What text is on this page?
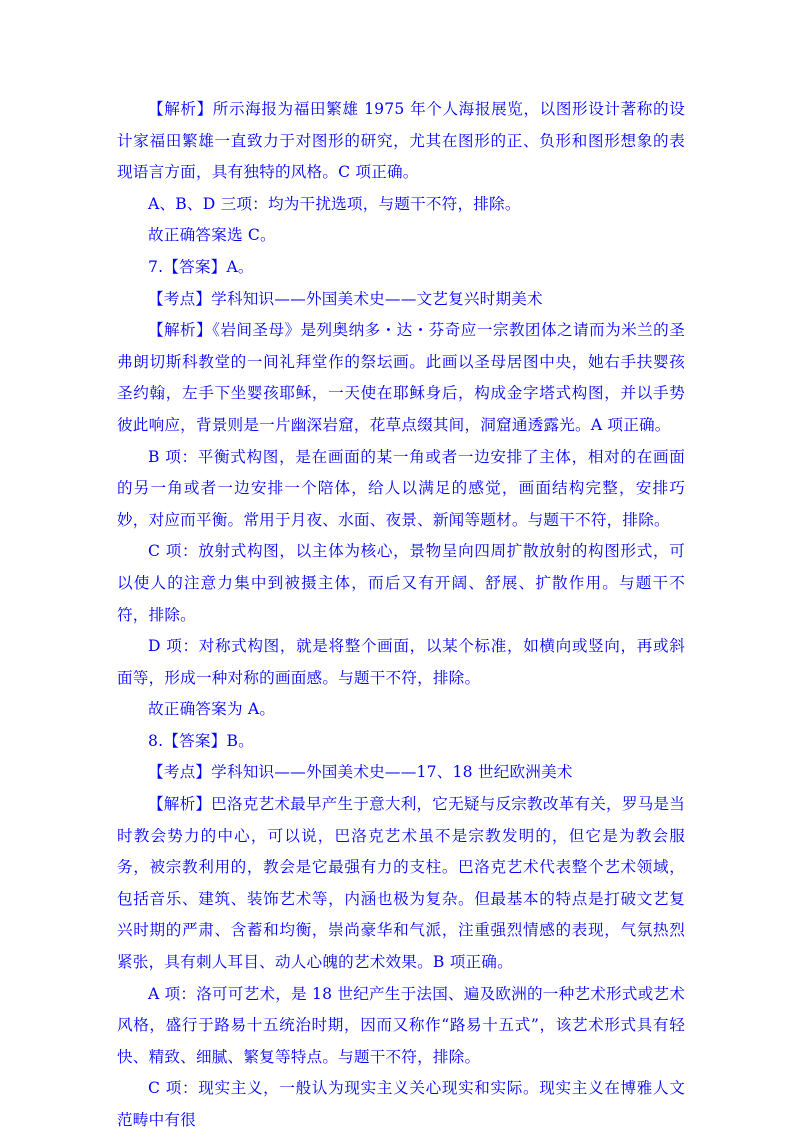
【解析】所示海报为福田繁雄 1975 年个人海报展览，以图形设计著称的设计家福田繁雄一直致力于对图形的研究，尤其在图形的正、负形和图形想象的表现语言方面，具有独特的风格。C 项正确。

A、B、D 三项：均为干扰选项，与题干不符，排除。

故正确答案选 C。

7.【答案】A。

【考点】学科知识——外国美术史——文艺复兴时期美术

【解析】《岩间圣母》是列奥纳多・达・芬奇应一宗教团体之请而为米兰的圣弗朗切斯科教堂的一间礼拜堂作的祭坛画。此画以圣母居图中央，她右手扶婴孩圣约翰，左手下坐婴孩耶稣，一天使在耶稣身后，构成金字塔式构图，并以手势彼此响应，背景则是一片幽深岩窟，花草点缀其间，洞窟通透露光。A 项正确。

B 项：平衡式构图，是在画面的某一角或者一边安排了主体，相对的在画面的另一角或者一边安排一个陪体，给人以满足的感觉，画面结构完整，安排巧妙，对应而平衡。常用于月夜、水面、夜景、新闻等题材。与题干不符，排除。

C 项：放射式构图，以主体为核心，景物呈向四周扩散放射的构图形式，可以使人的注意力集中到被摄主体，而后又有开阔、舒展、扩散作用。与题干不符，排除。

D 项：对称式构图，就是将整个画面，以某个标准，如横向或竖向，再或斜面等，形成一种对称的画面感。与题干不符，排除。

故正确答案为 A。

8.【答案】B。

【考点】学科知识——外国美术史——17、18 世纪欧洲美术

【解析】巴洛克艺术最早产生于意大利，它无疑与反宗教改革有关，罗马是当时教会势力的中心，可以说，巴洛克艺术虽不是宗教发明的，但它是为教会服务，被宗教利用的，教会是它最强有力的支柱。巴洛克艺术代表整个艺术领域，包括音乐、建筑、装饰艺术等，内涵也极为复杂。但最基本的特点是打破文艺复兴时期的严肃、含蓄和均衡，崇尚豪华和气派，注重强烈情感的表现，气氛热烈紧张，具有刺人耳目、动人心魄的艺术效果。B 项正确。

A 项：洛可可艺术，是 18 世纪产生于法国、遍及欧洲的一种艺术形式或艺术风格，盛行于路易十五统治时期，因而又称作“路易十五式”，该艺术形式具有轻快、精致、细腻、繁复等特点。与题干不符，排除。

C 项：现实主义，一般认为现实主义关心现实和实际。现实主义在博雅人文范畴中有很
